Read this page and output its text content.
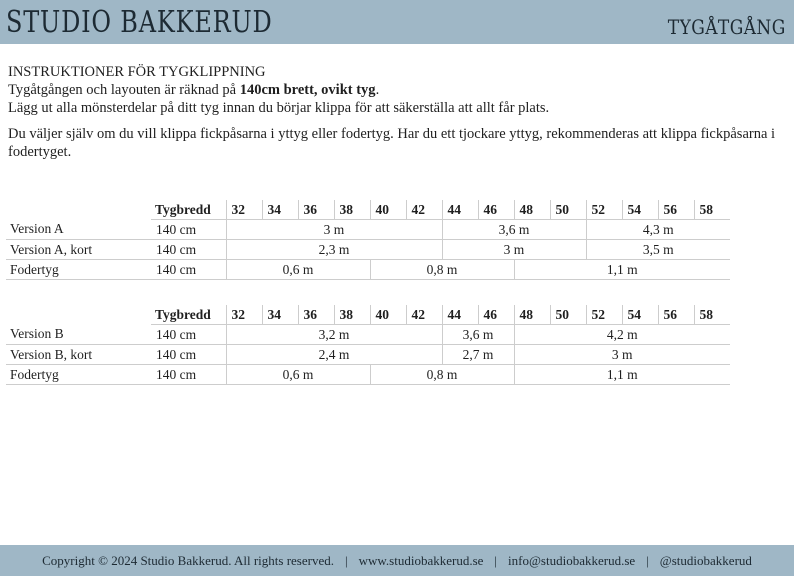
STUDIO BAKKERUD	TYGÅTGÅNG

INSTRUKTIONER FÖR TYGKLIPPNING

Tygåtgången och layouten är räknad på 140cm brett, ovikt tyg.

Lägg ut alla mönsterdelar på ditt tyg innan du börjar klippa för att säkerställa att allt får plats.

Du väljer själv om du vill klippa fickpåsarna i yttyg eller fodertyg. Har du ett tjockare yttyg, rekommenderas att klippa fickpåsarna i fodertyget.

	Tygbredd	32	34	36	38	40	42	44	46	48	50	52	54	56	58
Version A	140 cm	3 m						3,6 m				4,3 m			
Version A, kort	140 cm	2,3 m						3 m				3,5 m			
Fodertyg	140 cm	0,6 m				0,8 m				1,1 m					
	Tygbredd	32	34	36	38	40	42	44	46	48	50	52	54	56	58
Version B	140 cm	3,2 m						3,6 m		4,2 m					
Version B, kort	140 cm	2,4 m						2,7 m		3 m					
Fodertyg	140 cm	0,6 m				0,8 m				1,1 m					
Copyright © 2024 Studio Bakkerud. All rights reserved. | www.studiobakkerud.se | info@studiobakkerud.se | @studiobakkerud
